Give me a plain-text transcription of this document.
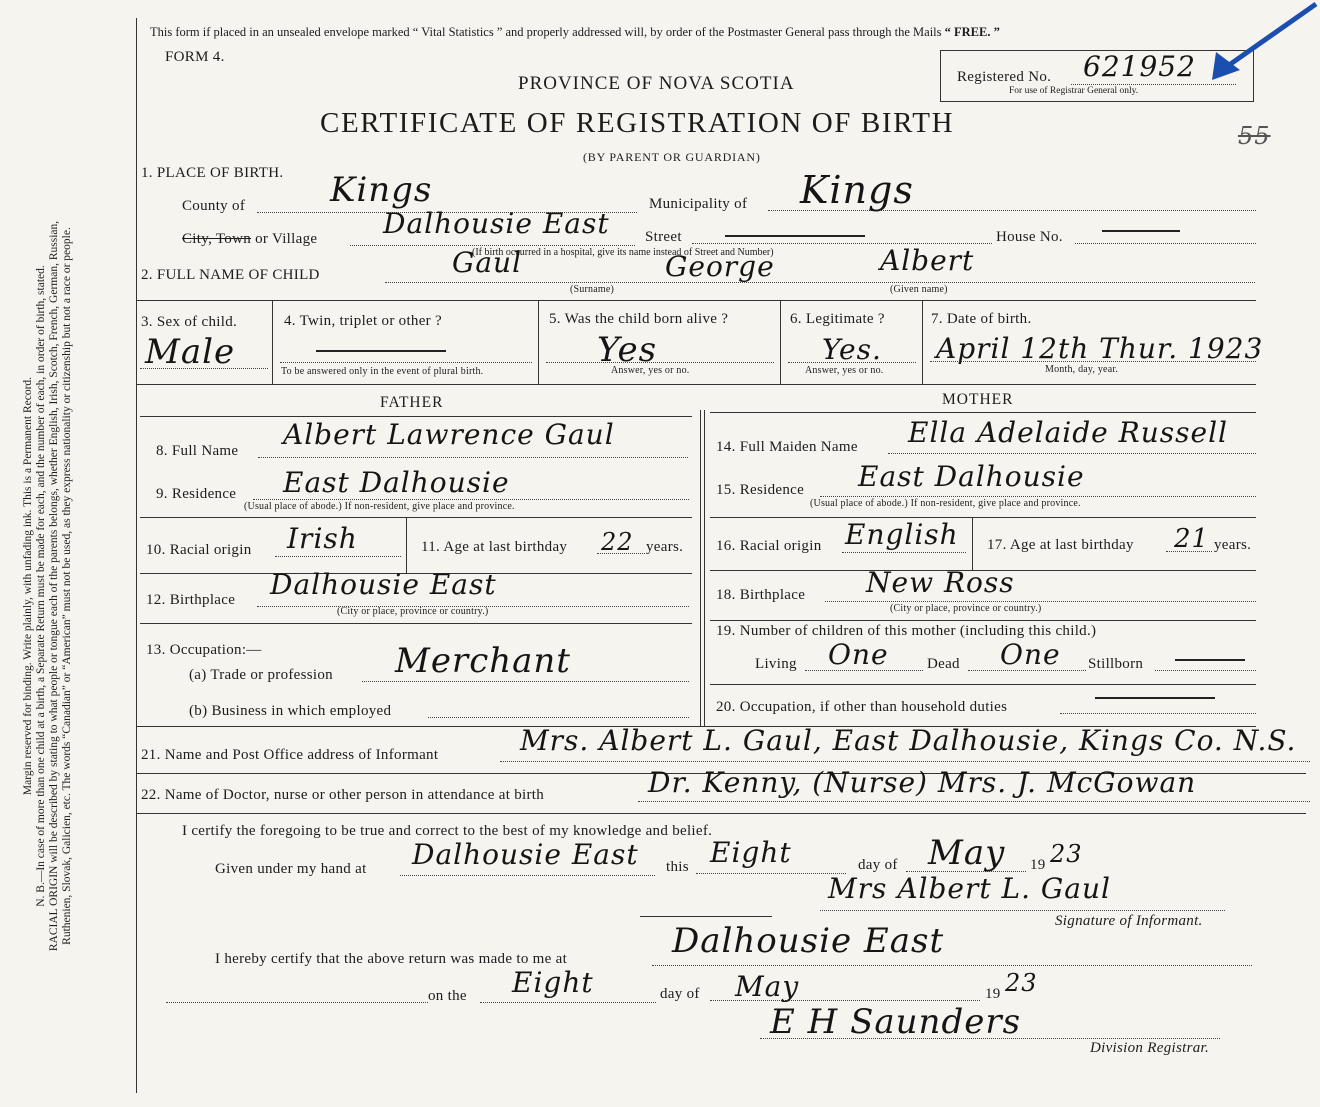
Margin reserved for binding. Write plainly, with unfading ink. This is a Permanent Record. N. B.—In case of more than one child at a birth, a Separate Return must be made for each, and the number of each, in order of birth, stated. RACIAL ORIGIN will be described by stating to what people or tongue each of the parents belongs, whether English, Irish, Scotch, French, German, Russian, Ruthenien, Slovak, Galicien, etc. The words “Canadian” or “American” must not be used, as they express nationality or citizenship but not a race or people.
This form if placed in an unsealed envelope marked “ Vital Statistics ” and properly addressed will, by order of the Postmaster General pass through the Mails “ FREE. ”
FORM 4.
PROVINCE OF NOVA SCOTIA
CERTIFICATE OF REGISTRATION OF BIRTH
(BY PARENT OR GUARDIAN)
Registered No. 621952
For use of Registrar General only.
55
1. PLACE OF BIRTH.
County of Kings	Municipality of Kings
City, Town or Village Dalhousie East Street	House No.
(If birth occurred in a hospital, give its name instead of Street and Number)
2. FULL NAME OF CHILD	Gaul	George	Albert
(Surname)	(Given name)
3. Sex of child.
Male
4. Twin, triplet or other ?
To be answered only in the event of plural birth.
5. Was the child born alive ?
Yes
Answer, yes or no.
6. Legitimate ?
Yes.
Answer, yes or no.
7. Date of birth.
April 12th Thur. 1923
Month, day, year.
FATHER	MOTHER
8. Full Name Albert Lawrence Gaul
9. Residence East Dalhousie
(Usual place of abode.) If non-resident, give place and province.
10. Racial origin Irish	11. Age at last birthday 22 years.
12. Birthplace Dalhousie East
(City or place, province or country.)
13. Occupation:—
(a) Trade or profession Merchant
(b) Business in which employed
14. Full Maiden Name Ella Adelaide Russell
15. Residence East Dalhousie
(Usual place of abode.) If non-resident, give place and province.
16. Racial origin English 17. Age at last birthday 21 years.
18. Birthplace New Ross
(City or place, province or country.)
19. Number of children of this mother (including this child.)
Living One	Dead One Stillborn
20. Occupation, if other than household duties
21. Name and Post Office address of Informant	Mrs. Albert L. Gaul, East Dalhousie, Kings Co. N.S.
22. Name of Doctor, nurse or other person in attendance at birth	Dr. Kenny, (Nurse) Mrs. J. McGowan
I certify the foregoing to be true and correct to the best of my knowledge and belief.
Given under my hand at Dalhousie East this Eight	day of May 19 23
Mrs Albert L. Gaul
Signature of Informant.
I hereby certify that the above return was made to me at	Dalhousie East
on the Eight	day of May	19 23
E H Saunders
Division Registrar.
